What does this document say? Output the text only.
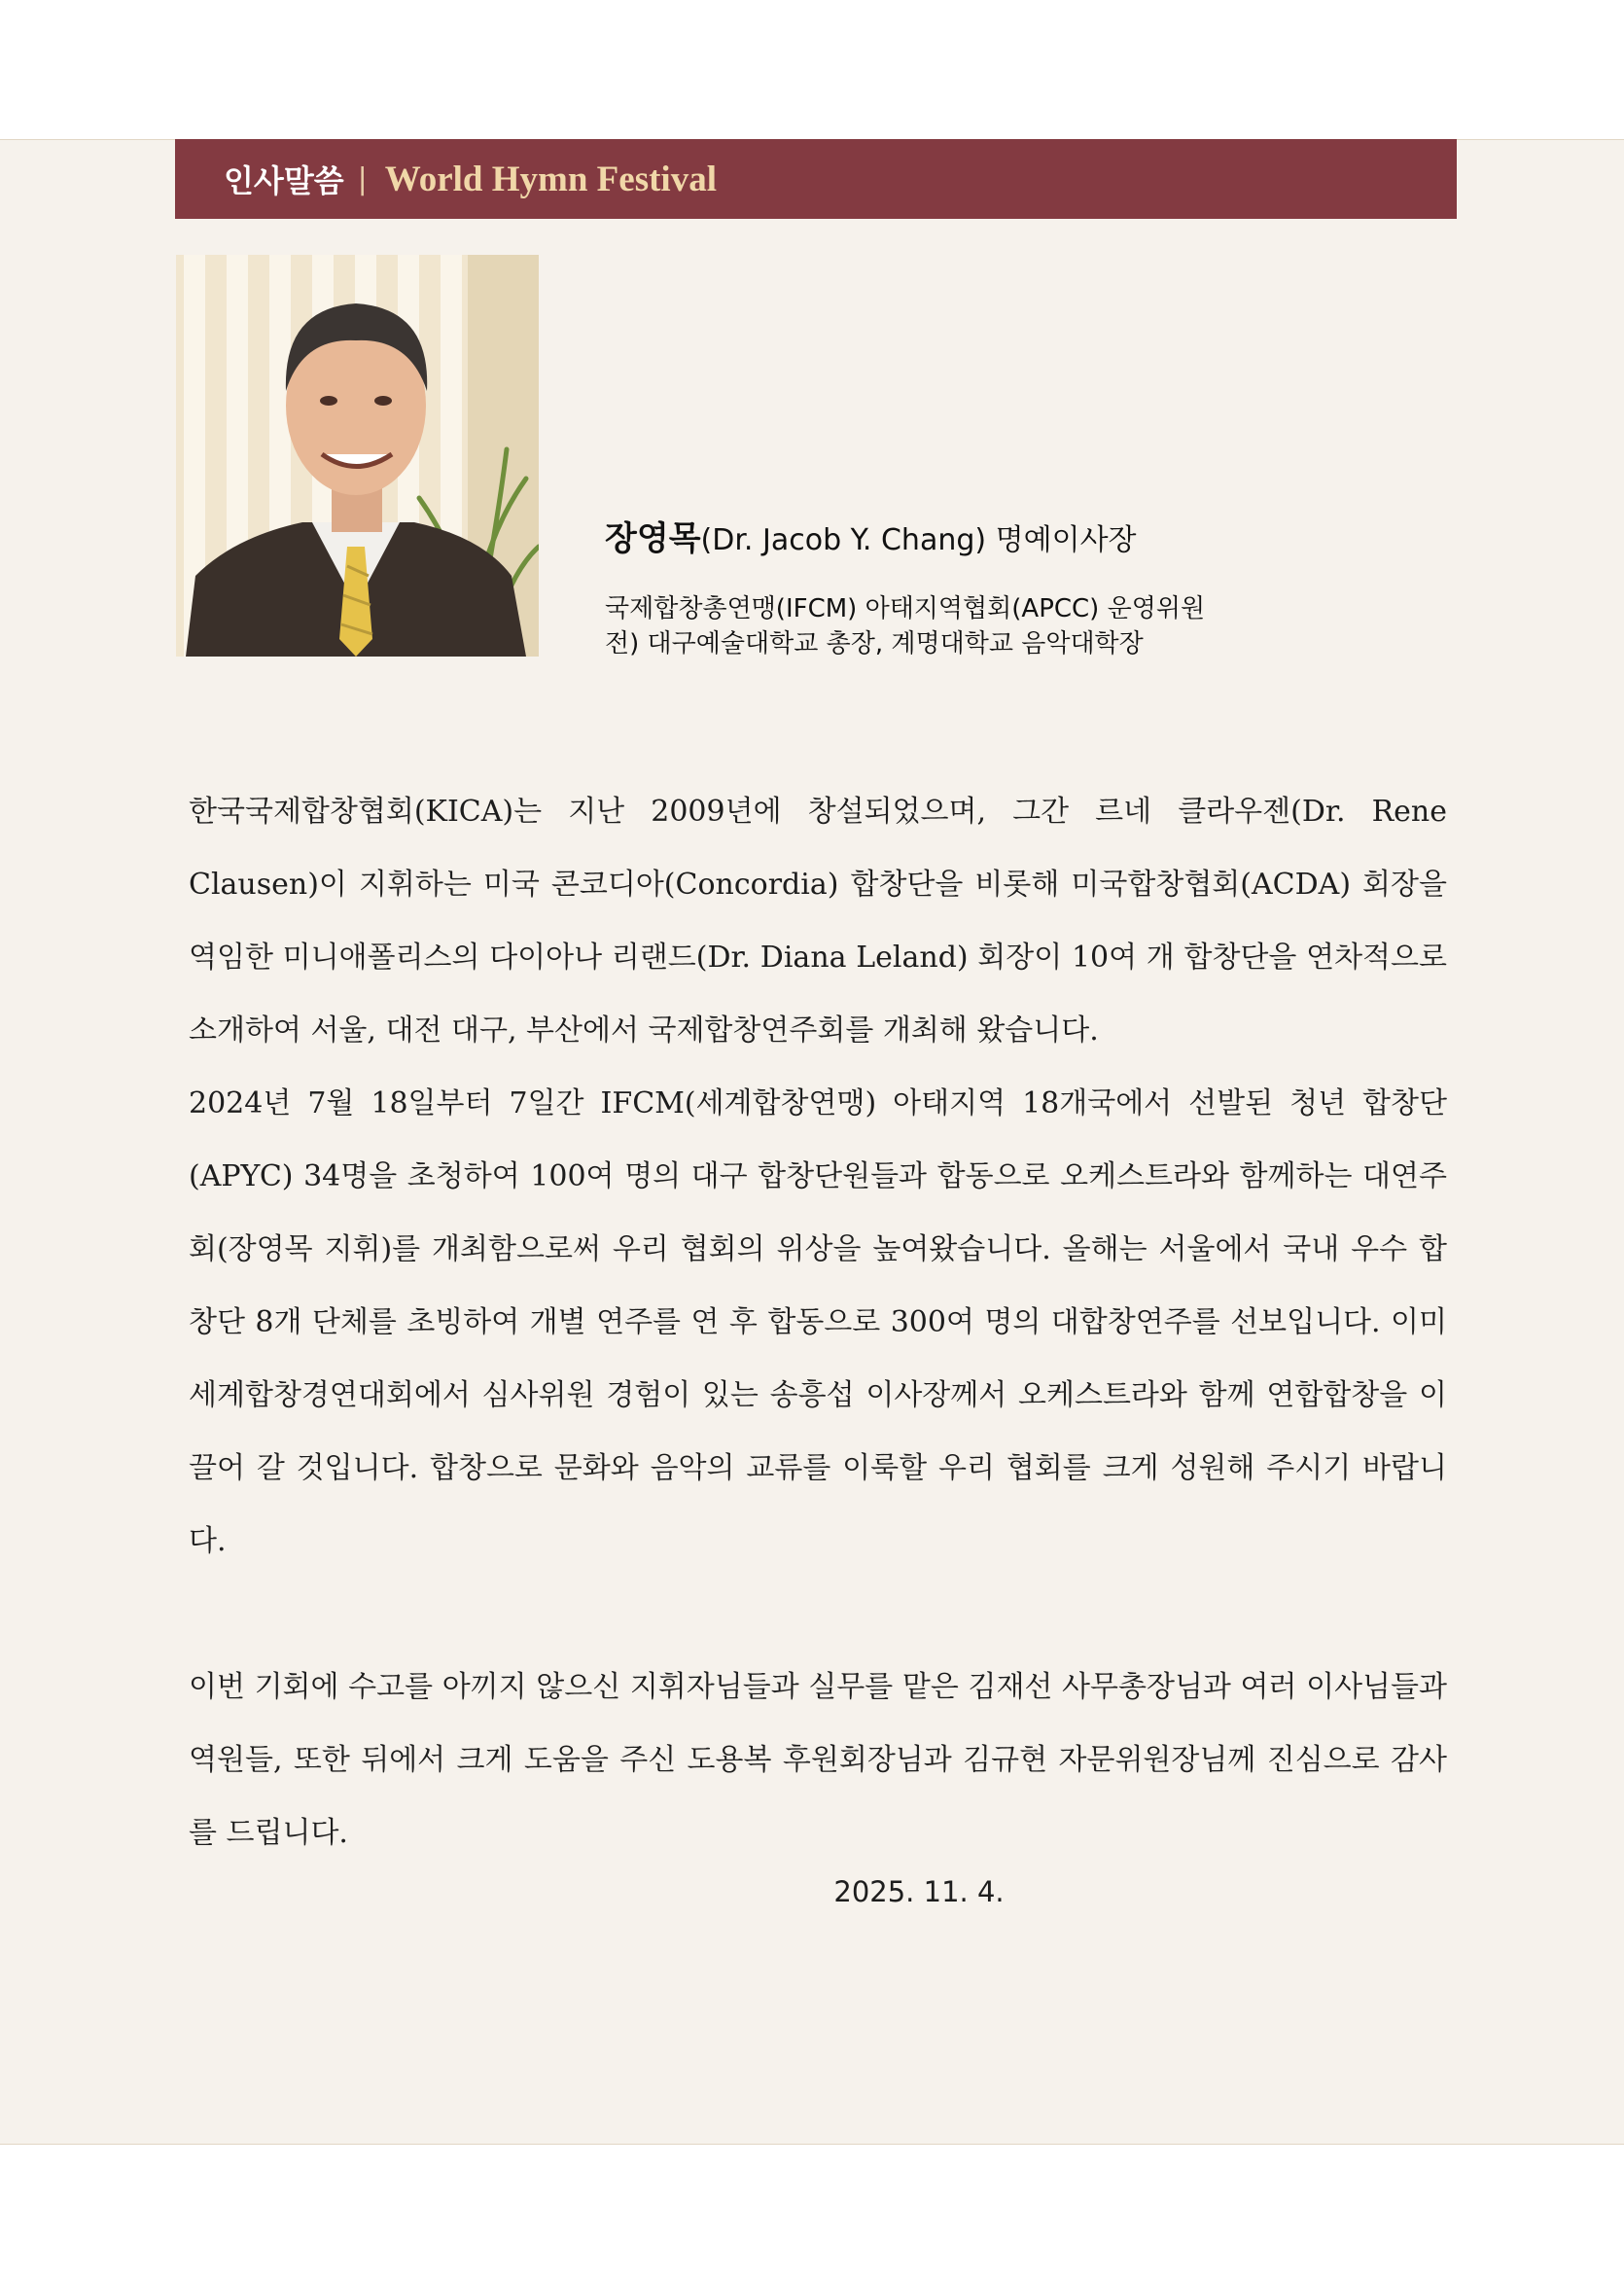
인사말씀 | World Hymn Festival

장영목(Dr. Jacob Y. Chang) 명예이사장

국제합창총연맹(IFCM) 아태지역협회(APCC) 운영위원

전) 대구예술대학교 총장, 계명대학교 음악대학장

한국국제합창협회(KICA)는 지난 2009년에 창설되었으며, 그간 르네 클라우젠(Dr. Rene Clausen)이 지휘하는 미국 콘코디아(Concordia) 합창단을 비롯해 미국합창협회(ACDA) 회장을 역임한 미니애폴리스의 다이아나 리랜드(Dr. Diana Leland) 회장이 10여 개 합창단을 연차적으로 소개하여 서울, 대전 대구, 부산에서 국제합창연주회를 개최해 왔습니다.

2024년 7월 18일부터 7일간 IFCM(세계합창연맹) 아태지역 18개국에서 선발된 청년 합창단(APYC) 34명을 초청하여 100여 명의 대구 합창단원들과 합동으로 오케스트라와 함께하는 대연주회(장영목 지휘)를 개최함으로써 우리 협회의 위상을 높여왔습니다. 올해는 서울에서 국내 우수 합창단 8개 단체를 초빙하여 개별 연주를 연 후 합동으로 300여 명의 대합창연주를 선보입니다. 이미 세계합창경연대회에서 심사위원 경험이 있는 송흥섭 이사장께서 오케스트라와 함께 연합합창을 이끌어 갈 것입니다. 합창으로 문화와 음악의 교류를 이룩할 우리 협회를 크게 성원해 주시기 바랍니다.

이번 기회에 수고를 아끼지 않으신 지휘자님들과 실무를 맡은 김재선 사무총장님과 여러 이사님들과 역원들, 또한 뒤에서 크게 도움을 주신 도용복 후원회장님과 김규현 자문위원장님께 진심으로 감사를 드립니다.

2025. 11. 4.
